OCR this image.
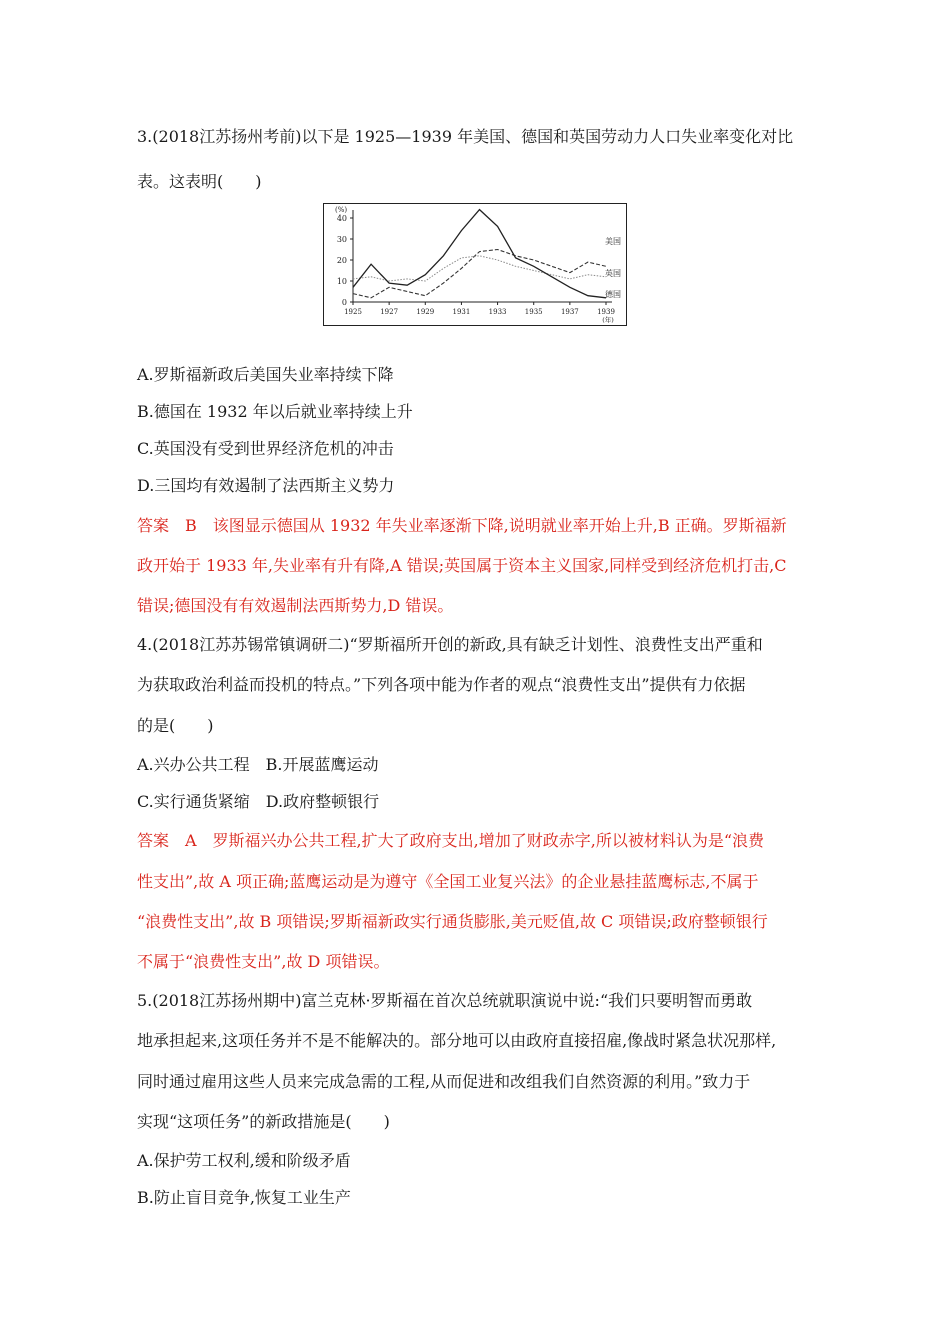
3.(2018江苏扬州考前)以下是 1925—1939 年美国、德国和英国劳动力人口失业率变化对比
表。这表明(　　)
(%)
0
10
20
30
40
1925	1927	1929	1931	1933	1935	1937	1939
(年)
美国
英国
德国
A.罗斯福新政后美国失业率持续下降
B.德国在 1932 年以后就业率持续上升
C.英国没有受到世界经济危机的冲击
D.三国均有效遏制了法西斯主义势力
答案　B　该图显示德国从 1932 年失业率逐渐下降,说明就业率开始上升,B 正确。罗斯福新
政开始于 1933 年,失业率有升有降,A 错误;英国属于资本主义国家,同样受到经济危机打击,C
错误;德国没有有效遏制法西斯势力,D 错误。
4.(2018江苏苏锡常镇调研二)“罗斯福所开创的新政,具有缺乏计划性、浪费性支出严重和
为获取政治利益而投机的特点。”下列各项中能为作者的观点“浪费性支出”提供有力依据
的是(　　)
A.兴办公共工程　B.开展蓝鹰运动
C.实行通货紧缩　D.政府整顿银行
答案　A　罗斯福兴办公共工程,扩大了政府支出,增加了财政赤字,所以被材料认为是“浪费
性支出”,故 A 项正确;蓝鹰运动是为遵守《全国工业复兴法》的企业悬挂蓝鹰标志,不属于
“浪费性支出”,故 B 项错误;罗斯福新政实行通货膨胀,美元贬值,故 C 项错误;政府整顿银行
不属于“浪费性支出”,故 D 项错误。
5.(2018江苏扬州期中)富兰克林·罗斯福在首次总统就职演说中说:“我们只要明智而勇敢
地承担起来,这项任务并不是不能解决的。部分地可以由政府直接招雇,像战时紧急状况那样,
同时通过雇用这些人员来完成急需的工程,从而促进和改组我们自然资源的利用。”致力于
实现“这项任务”的新政措施是(　　)
A.保护劳工权利,缓和阶级矛盾
B.防止盲目竞争,恢复工业生产
